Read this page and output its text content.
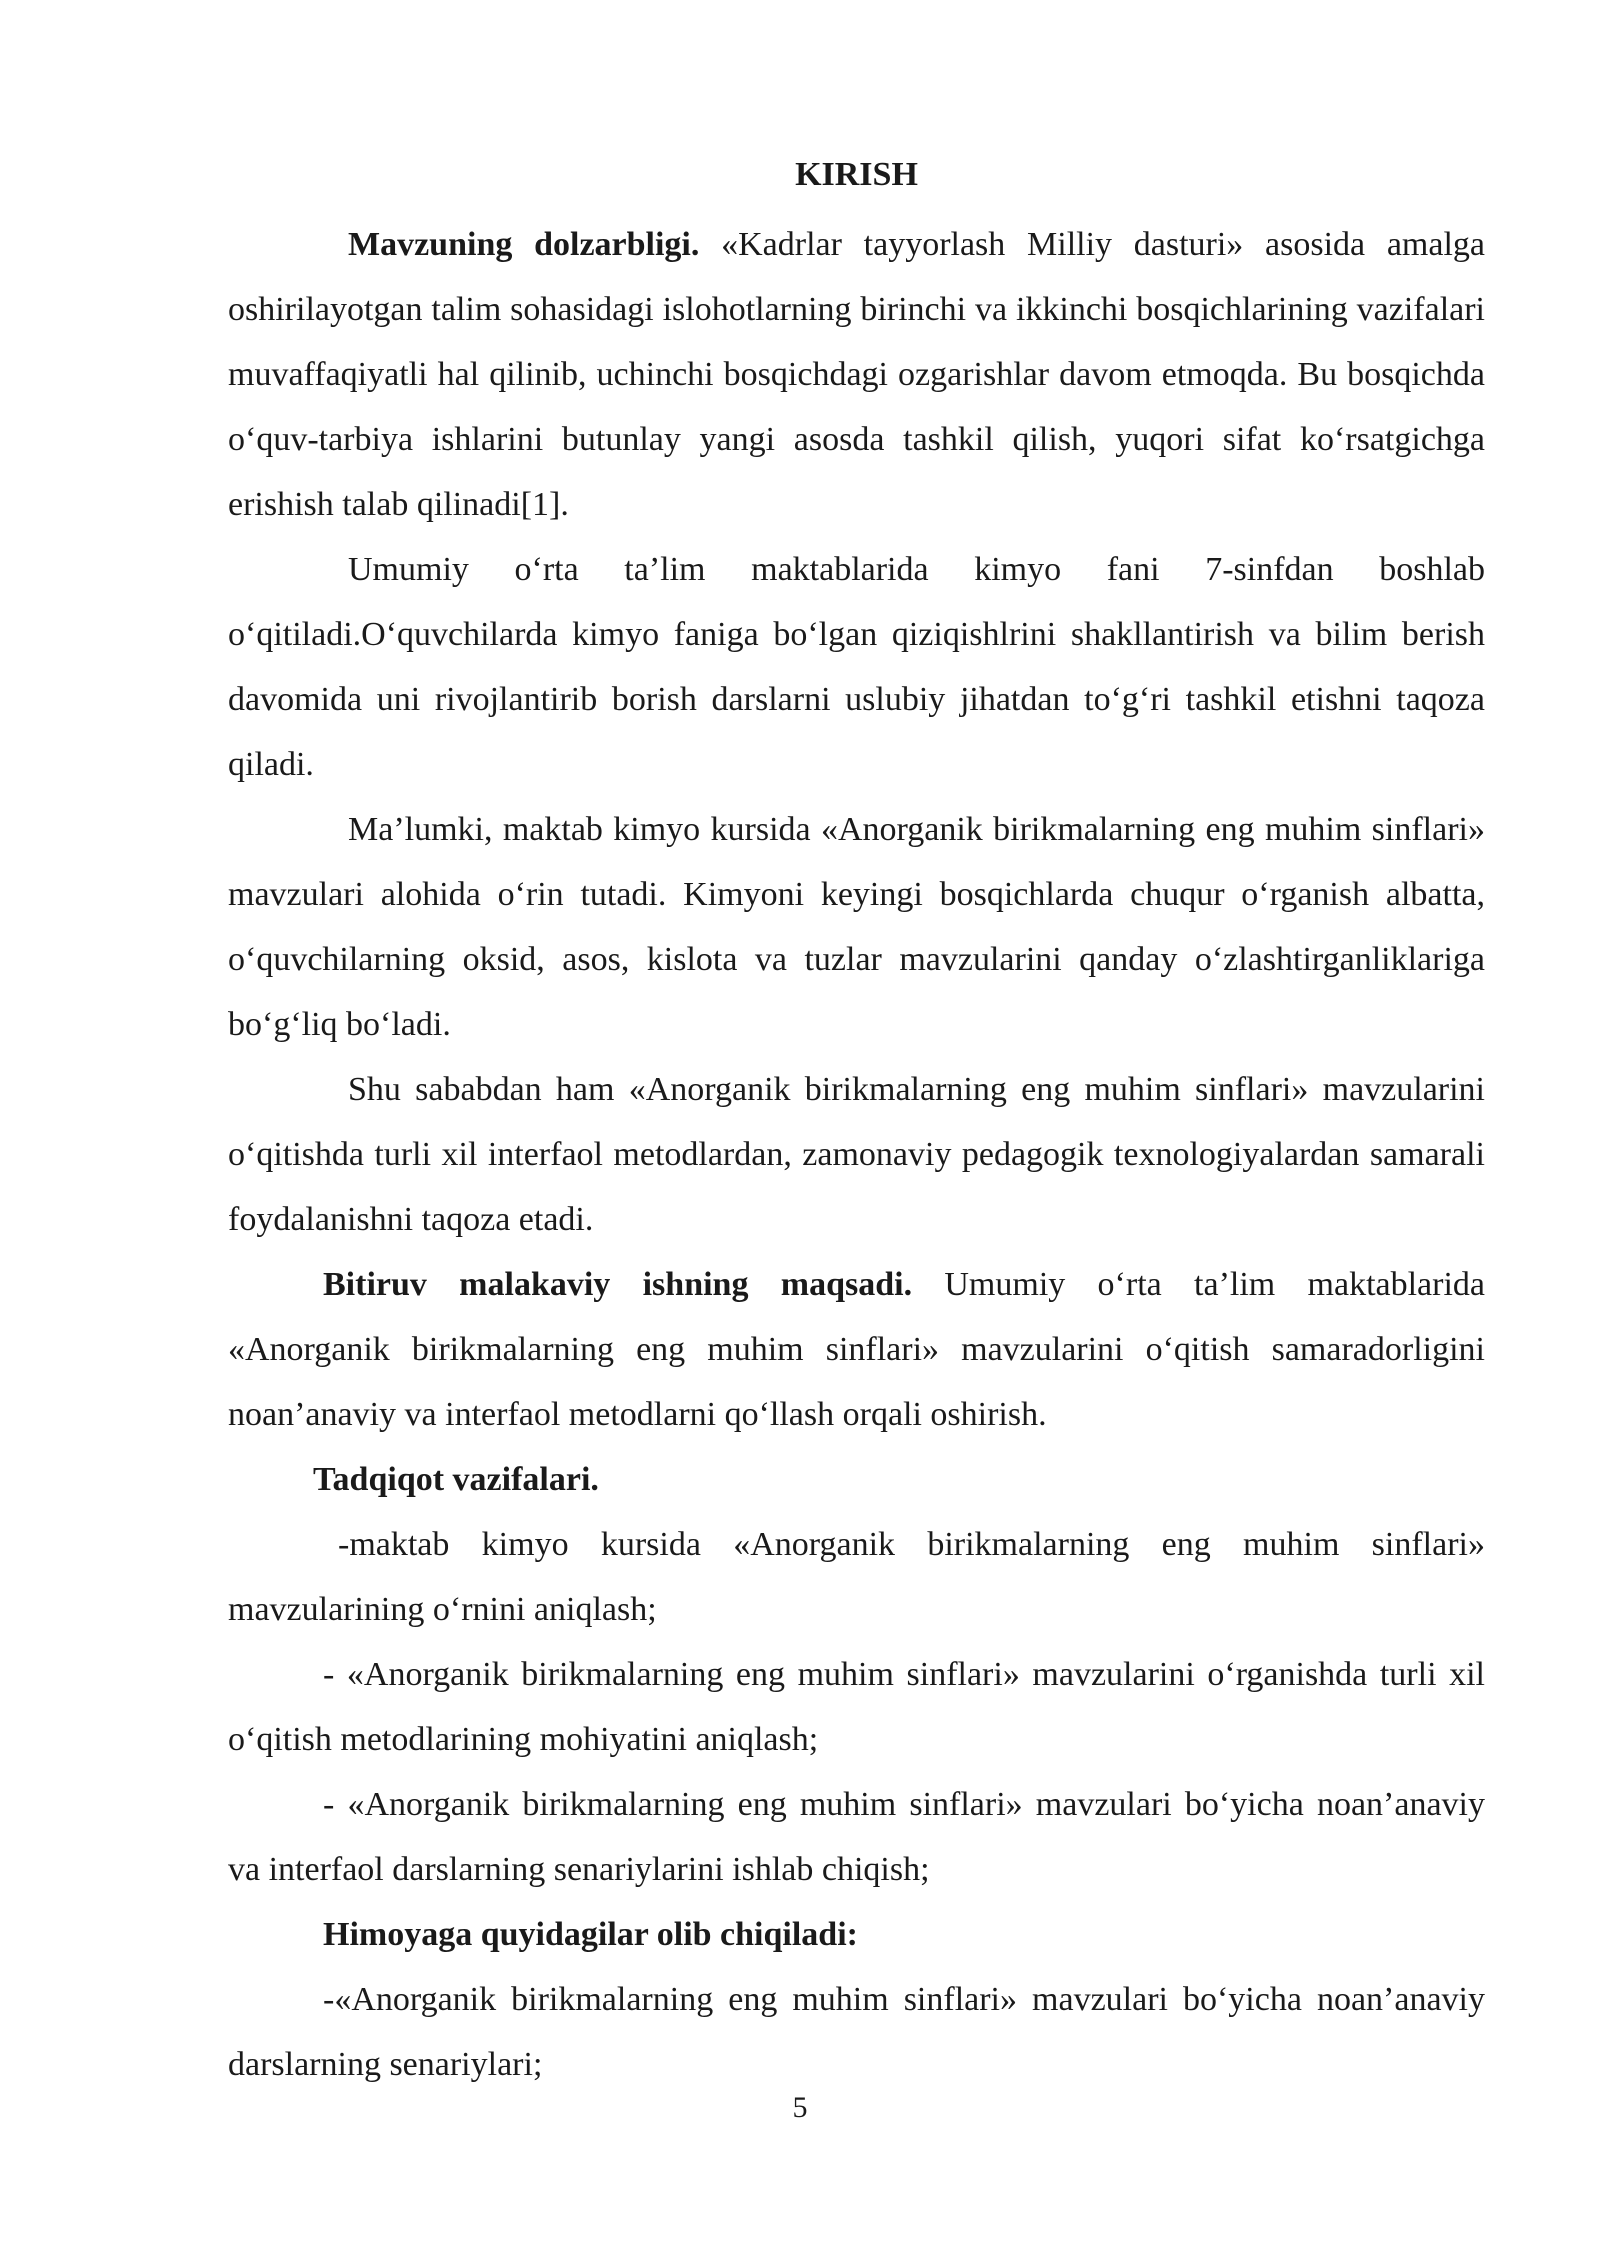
KIRISH

Mavzuning dolzarbligi. «Kadrlar tayyorlash Milliy dasturi» asosida amalga oshirilayotgan talim sohasidagi islohotlarning birinchi va ikkinchi bosqichlarining vazifalari muvaffaqiyatli hal qilinib, uchinchi bosqichdagi ozgarishlar davom etmoqda. Bu bosqichda o‘quv-tarbiya ishlarini butunlay yangi asosda tashkil qilish, yuqori sifat ko‘rsatgichga erishish talab qilinadi[1].

Umumiy o‘rta ta’lim maktablarida kimyo fani 7-sinfdan boshlab o‘qitiladi.O‘quvchilarda kimyo faniga bo‘lgan qiziqishlrini shakllantirish va bilim berish davomida uni rivojlantirib borish darslarni uslubiy jihatdan to‘g‘ri tashkil etishni taqoza qiladi.

Ma’lumki, maktab kimyo kursida «Anorganik birikmalarning eng muhim sinflari» mavzulari alohida o‘rin tutadi. Kimyoni keyingi bosqichlarda chuqur o‘rganish albatta, o‘quvchilarning oksid, asos, kislota va tuzlar mavzularini qanday o‘zlashtirganliklariga bo‘g‘liq bo‘ladi.

Shu sababdan ham «Anorganik birikmalarning eng muhim sinflari» mavzularini o‘qitishda turli xil interfaol metodlardan, zamonaviy pedagogik texnologiyalardan samarali foydalanishni taqoza etadi.

Bitiruv malakaviy ishning maqsadi. Umumiy o‘rta ta’lim maktablarida «Anorganik birikmalarning eng muhim sinflari» mavzularini o‘qitish samaradorligini noan’anaviy va interfaol metodlarni qo‘llash orqali oshirish.

Tadqiqot vazifalari.

-maktab kimyo kursida «Anorganik birikmalarning eng muhim sinflari» mavzularining o‘rnini aniqlash;

- «Anorganik birikmalarning eng muhim sinflari» mavzularini o‘rganishda turli xil o‘qitish metodlarining mohiyatini aniqlash;

- «Anorganik birikmalarning eng muhim sinflari» mavzulari bo‘yicha noan’anaviy va interfaol darslarning senariylarini ishlab chiqish;

Himoyaga quyidagilar olib chiqiladi:

-«Anorganik birikmalarning eng muhim sinflari» mavzulari bo‘yicha noan’anaviy darslarning senariylari;

5
